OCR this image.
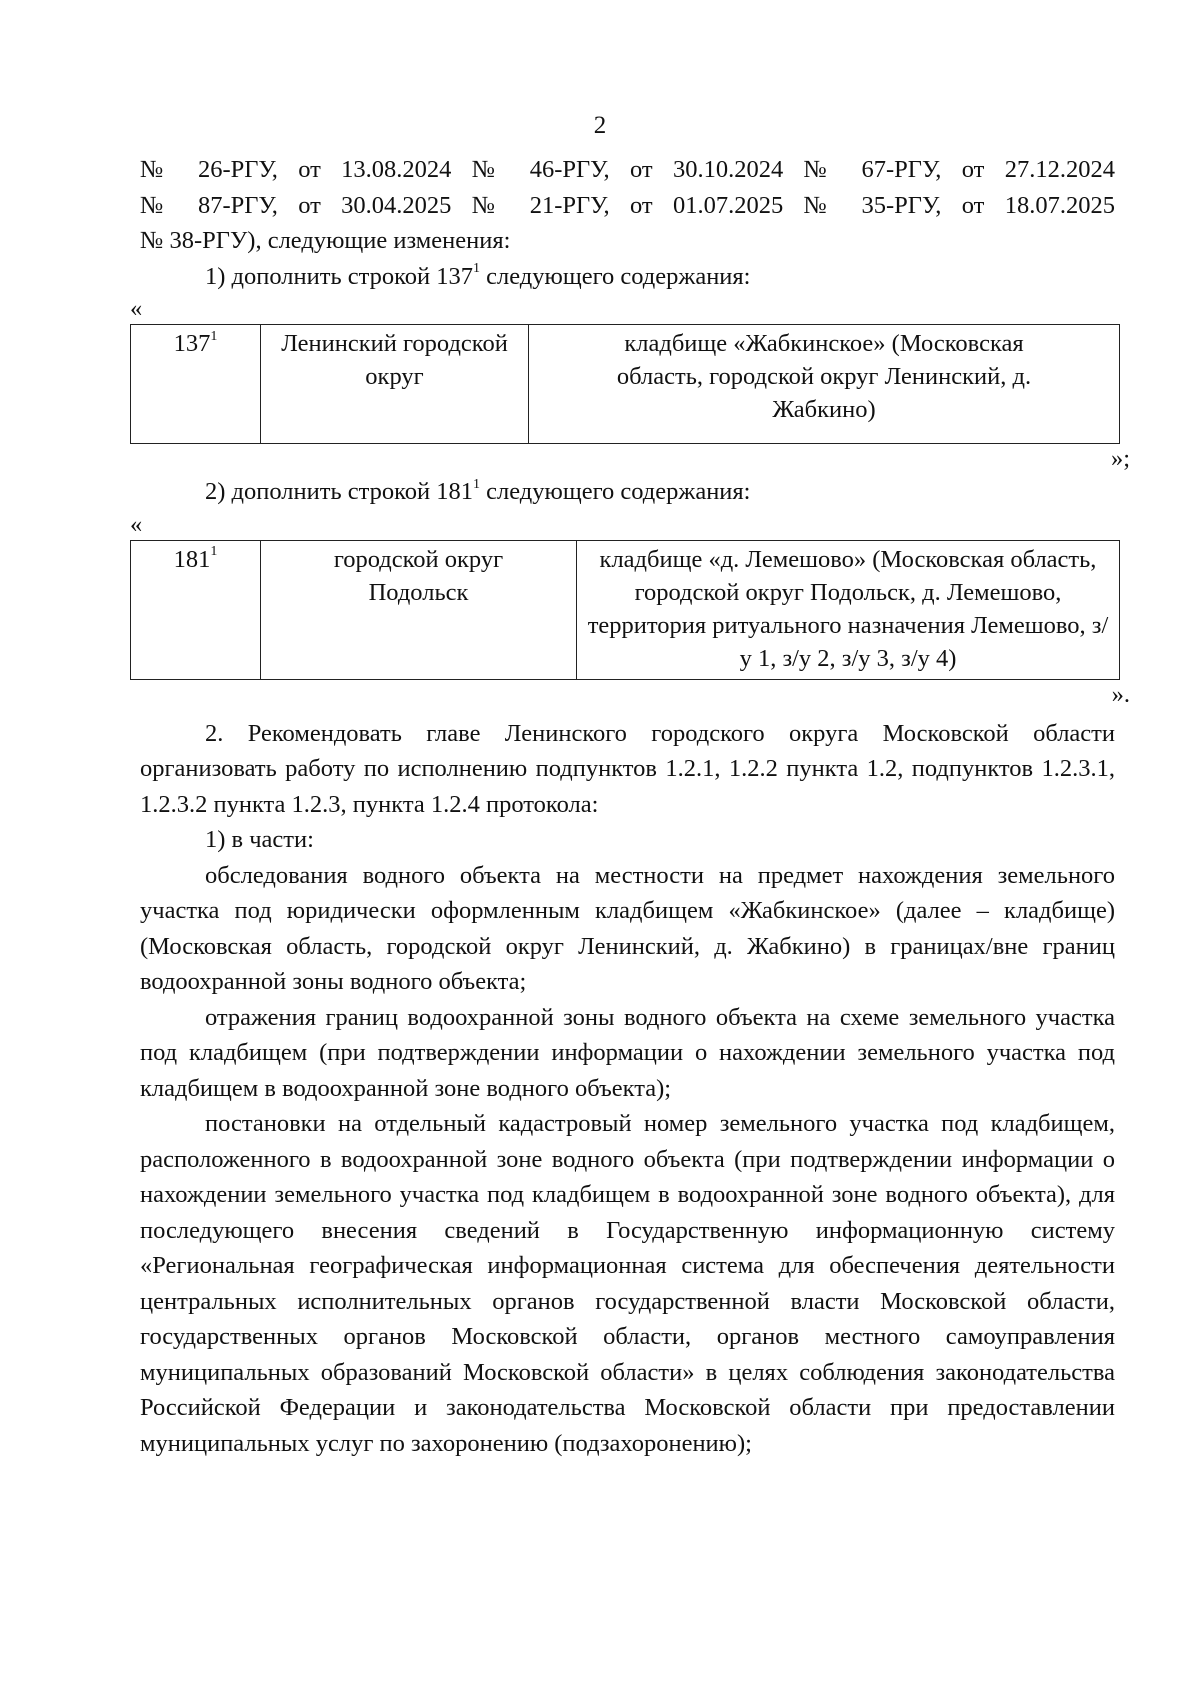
2

№ 26-РГУ, от 13.08.2024 № 46-РГУ, от 30.10.2024 № 67-РГУ, от 27.12.2024

№ 87-РГУ, от 30.04.2025 № 21-РГУ, от 01.07.2025 № 35-РГУ, от 18.07.2025

№ 38-РГУ), следующие изменения:

1) дополнить строкой $137^1$ следующего содержания:

«

$137^1$	Ленинский городской округ	кладбище «Жабкинское» (Московская область, городской округ Ленинский, д. Жабкино)

»;

2) дополнить строкой $181^1$ следующего содержания:

«

$181^1$	городской округ Подольск	кладбище «д. Лемешово» (Московская область, городской округ Подольск, д. Лемешово, территория ритуального назначения Лемешово, з/у 1, з/у 2, з/у 3, з/у 4)

».

2. Рекомендовать главе Ленинского городского округа Московской области организовать работу по исполнению подпунктов 1.2.1, 1.2.2 пункта 1.2, подпунктов 1.2.3.1, 1.2.3.2 пункта 1.2.3, пункта 1.2.4 протокола:

1) в части:

обследования водного объекта на местности на предмет нахождения земельного участка под юридически оформленным кладбищем «Жабкинское» (далее – кладбище) (Московская область, городской округ Ленинский, д. Жабкино) в границах/вне границ водоохранной зоны водного объекта;

отражения границ водоохранной зоны водного объекта на схеме земельного участка под кладбищем (при подтверждении информации о нахождении земельного участка под кладбищем в водоохранной зоне водного объекта);

постановки на отдельный кадастровый номер земельного участка под кладбищем, расположенного в водоохранной зоне водного объекта (при подтверждении информации о нахождении земельного участка под кладбищем в водоохранной зоне водного объекта), для последующего внесения сведений в Государственную информационную систему «Региональная географическая информационная система для обеспечения деятельности центральных исполнительных органов государственной власти Московской области, государственных органов Московской области, органов местного самоуправления муниципальных образований Московской области» в целях соблюдения законодательства Российской Федерации и законодательства Московской области при предоставлении муниципальных услуг по захоронению (подзахоронению);
